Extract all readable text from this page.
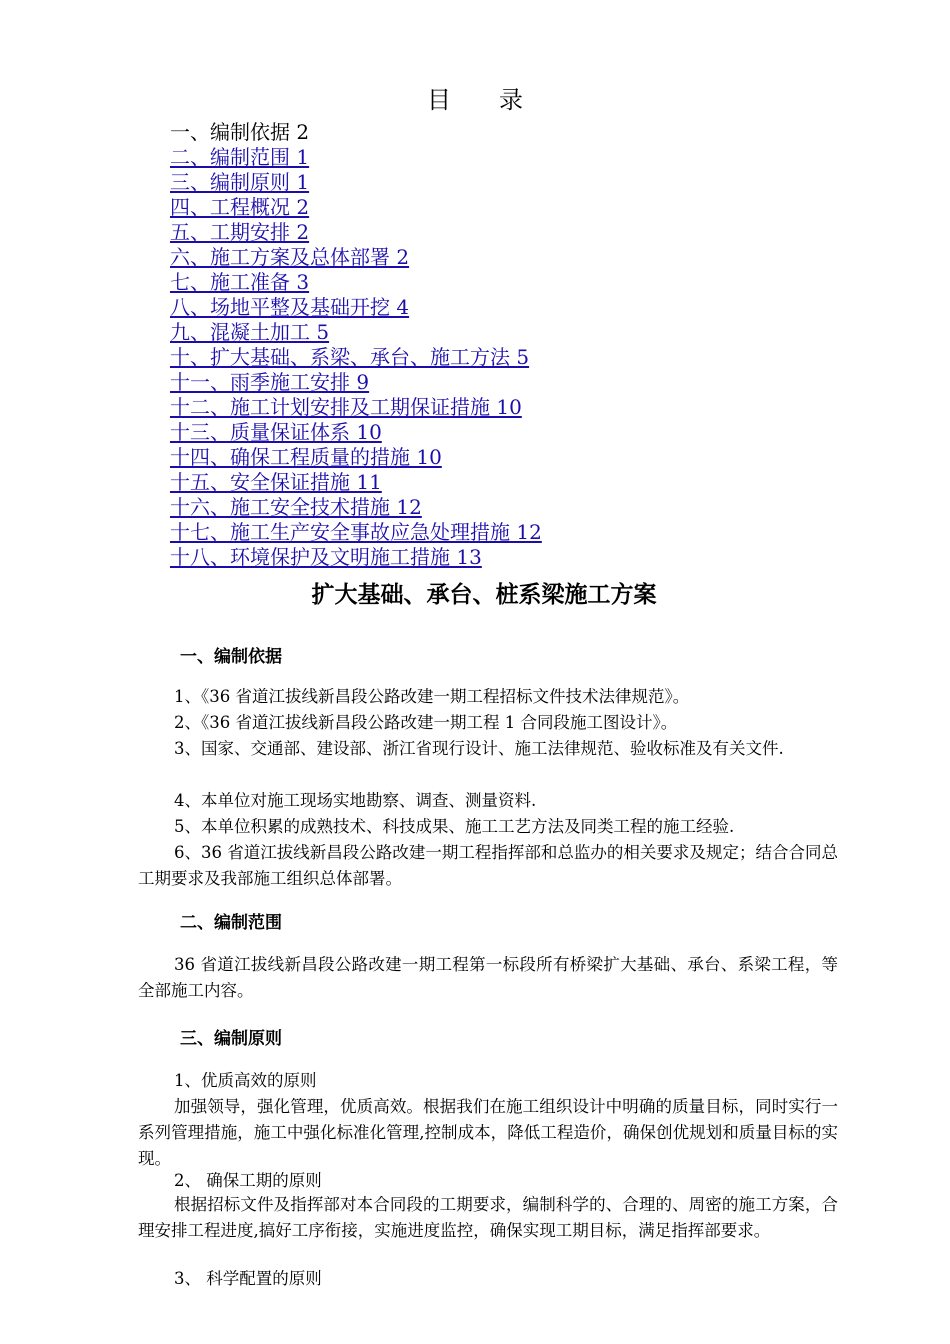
目　　录
一、编制依据 2
二、编制范围 1
三、编制原则 1
四、工程概况 2
五、工期安排 2
六、施工方案及总体部署 2
七、施工准备 3
八、场地平整及基础开挖 4
九、混凝土加工 5
十、扩大基础、系梁、承台、施工方法 5
十一、雨季施工安排 9
十二、施工计划安排及工期保证措施 10
十三、质量保证体系 10
十四、确保工程质量的措施 10
十五、安全保证措施 11
十六、施工安全技术措施 12
十七、施工生产安全事故应急处理措施 12
十八、环境保护及文明施工措施 13
扩大基础、承台、桩系梁施工方案
一、编制依据

1、《36 省道江拔线新昌段公路改建一期工程招标文件技术法律规范》。

2、《36 省道江拔线新昌段公路改建一期工程 1 合同段施工图设计》。

3、国家、交通部、建设部、浙江省现行设计、施工法律规范、验收标准及有关文件.

4、本单位对施工现场实地勘察、调查、测量资料.

5、本单位积累的成熟技术、科技成果、施工工艺方法及同类工程的施工经验.

6、36 省道江拔线新昌段公路改建一期工程指挥部和总监办的相关要求及规定；结合合同总工期要求及我部施工组织总体部署。

二、编制范围

36 省道江拔线新昌段公路改建一期工程第一标段所有桥梁扩大基础、承台、系梁工程，等全部施工内容。

三、编制原则
1、优质高效的原则

加强领导，强化管理，优质高效。根据我们在施工组织设计中明确的质量目标，同时实行一系列管理措施，施工中强化标准化管理,控制成本，降低工程造价，确保创优规划和质量目标的实现。

2、 确保工期的原则

根据招标文件及指挥部对本合同段的工期要求，编制科学的、合理的、周密的施工方案，合理安排工程进度,搞好工序衔接，实施进度监控，确保实现工期目标，满足指挥部要求。

3、 科学配置的原则
